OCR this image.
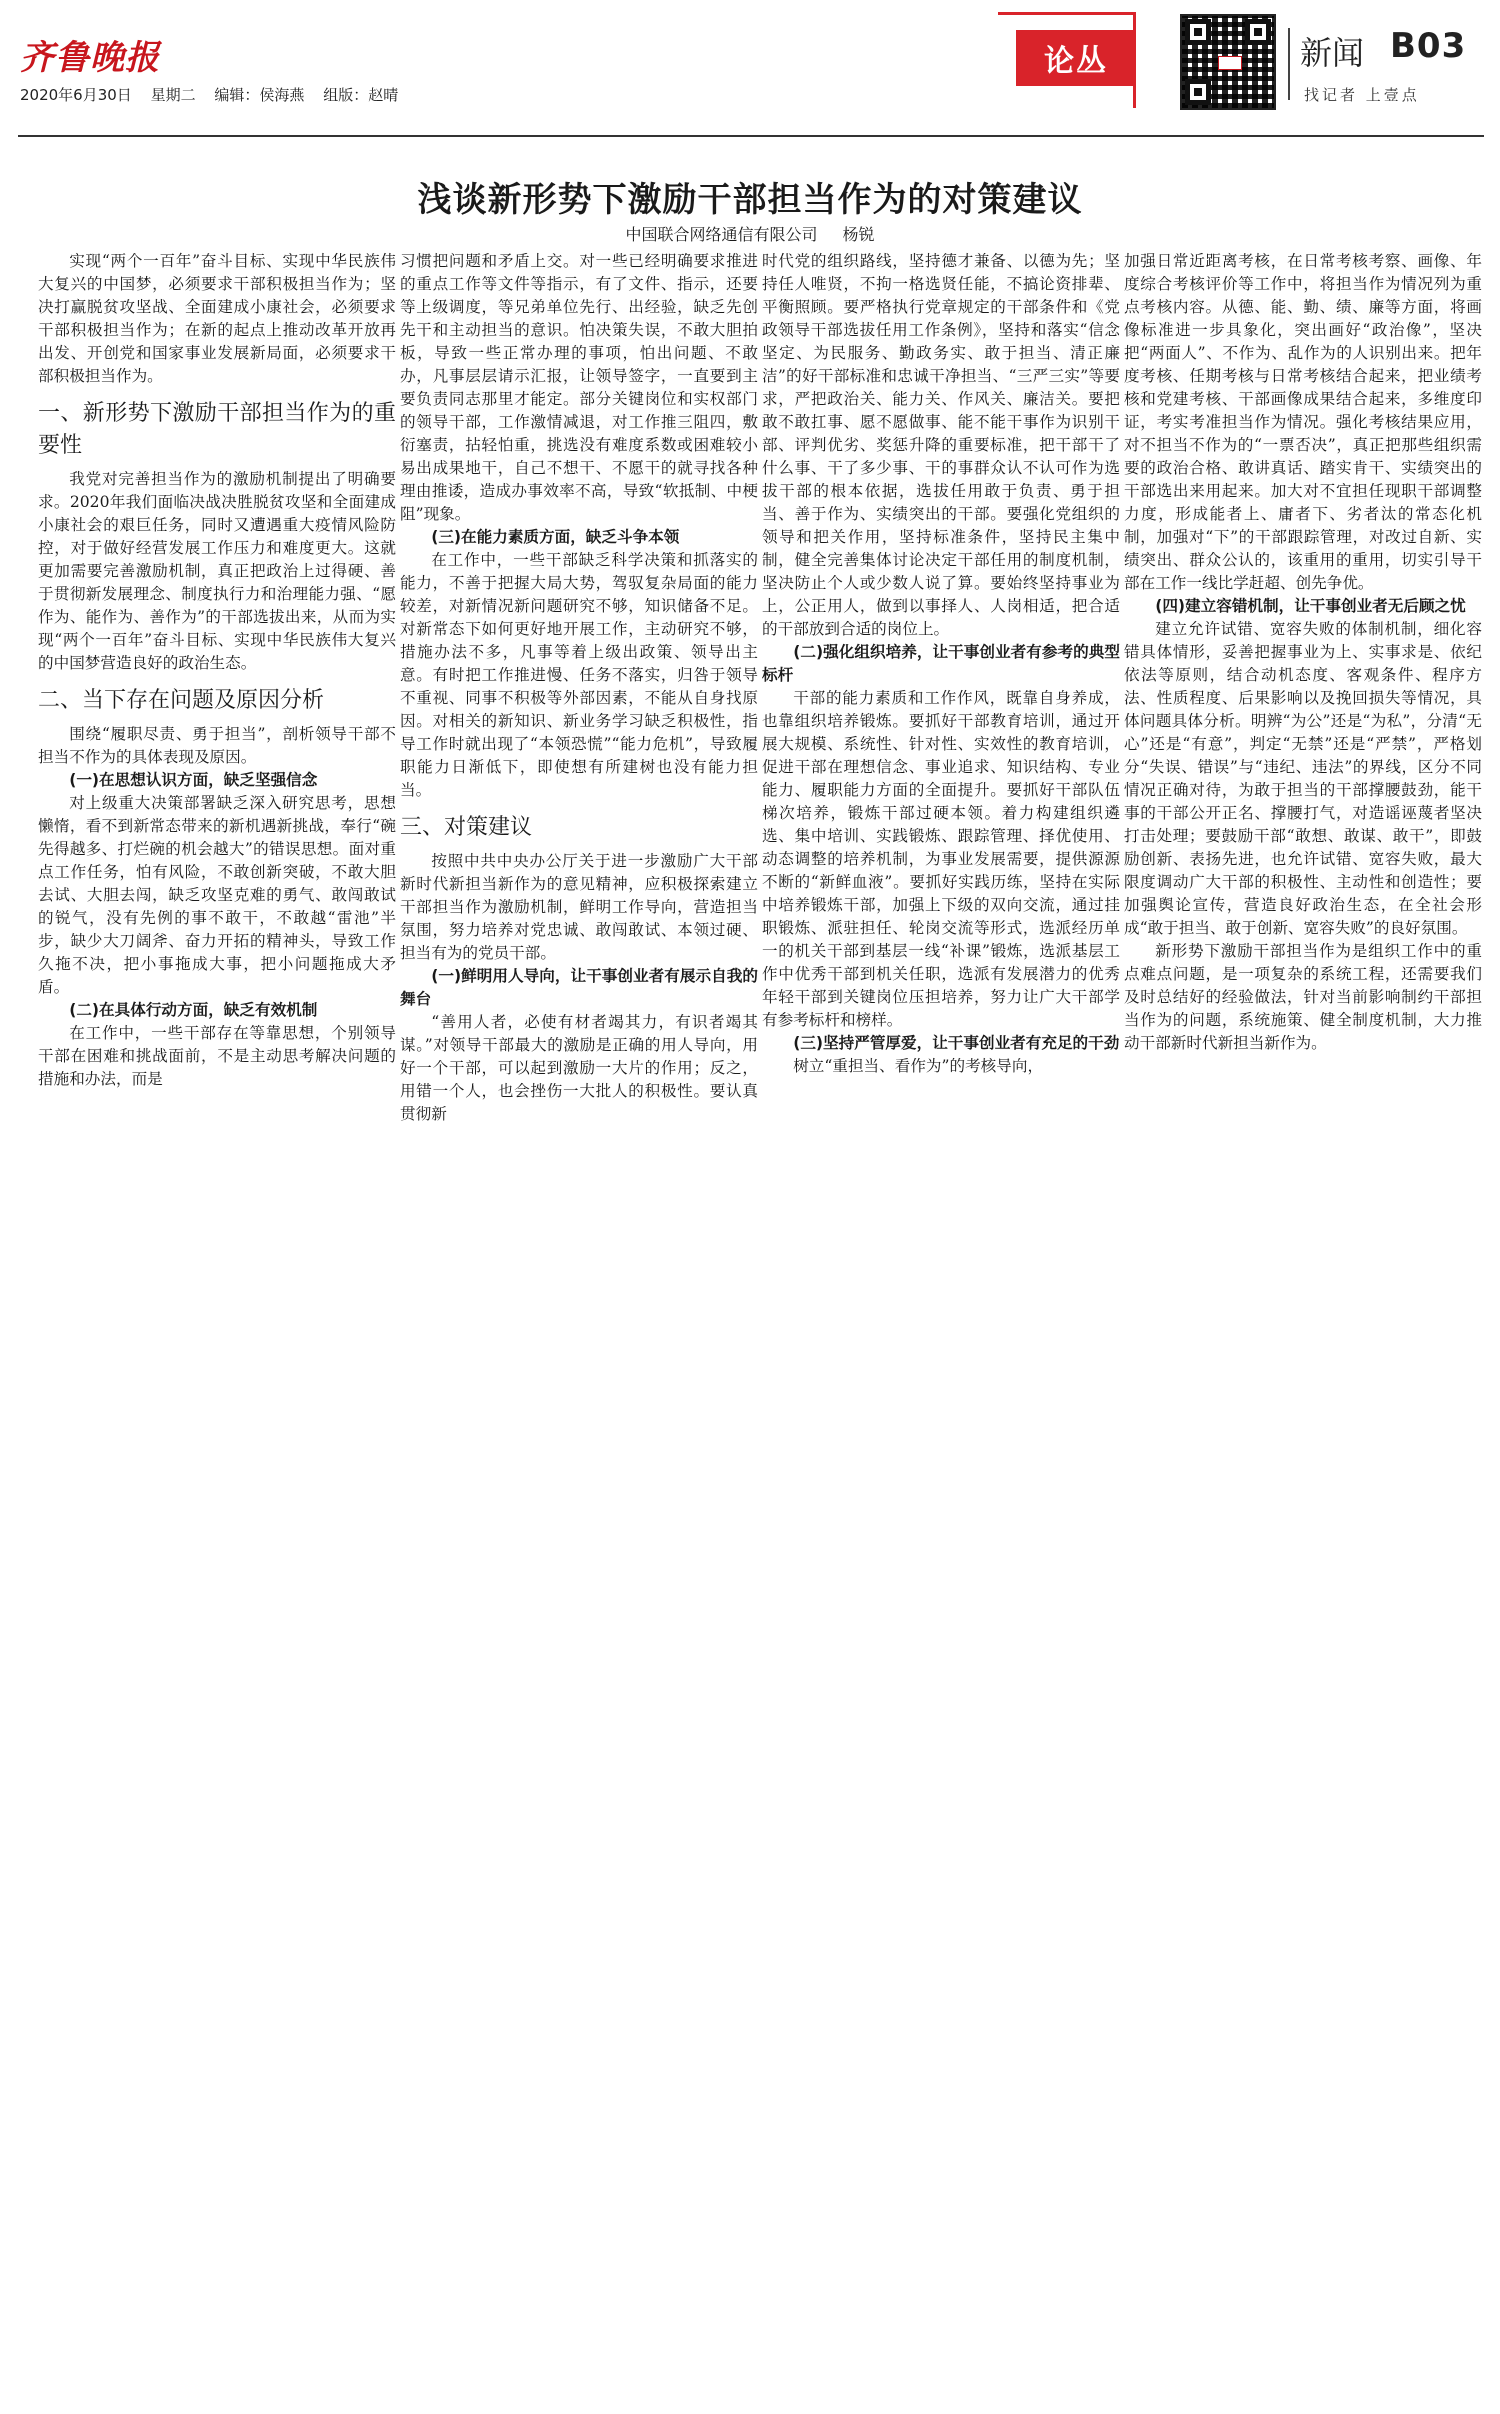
齐鲁晚报
2020年6月30日 星期二 编辑：侯海燕 组版：赵晴
论丛	新闻 B03
找记者 上壹点
浅谈新形势下激励干部担当作为的对策建议
中国联合网络通信有限公司 杨锐
实现“两个一百年”奋斗目标、实现中华民族伟大复兴的中国梦，必须要求干部积极担当作为；坚决打赢脱贫攻坚战、全面建成小康社会，必须要求干部积极担当作为；在新的起点上推动改革开放再出发、开创党和国家事业发展新局面，必须要求干部积极担当作为。
一、新形势下激励干部担当作为的重要性
我党对完善担当作为的激励机制提出了明确要求。2020年我们面临决战决胜脱贫攻坚和全面建成小康社会的艰巨任务，同时又遭遇重大疫情风险防控，对于做好经营发展工作压力和难度更大。这就更加需要完善激励机制，真正把政治上过得硬、善于贯彻新发展理念、制度执行力和治理能力强、“愿作为、能作为、善作为”的干部选拔出来，从而为实现“两个一百年”奋斗目标、实现中华民族伟大复兴的中国梦营造良好的政治生态。
二、当下存在问题及原因分析
围绕“履职尽责、勇于担当”，剖析领导干部不担当不作为的具体表现及原因。
(一)在思想认识方面，缺乏坚强信念
对上级重大决策部署缺乏深入研究思考，思想懒惰，看不到新常态带来的新机遇新挑战，奉行“碗先得越多、打烂碗的机会越大”的错误思想。面对重点工作任务，怕有风险，不敢创新突破，不敢大胆去试、大胆去闯，缺乏攻坚克难的勇气、敢闯敢试的锐气，没有先例的事不敢干，不敢越“雷池”半步，缺少大刀阔斧、奋力开拓的精神头，导致工作久拖不决，把小事拖成大事，把小问题拖成大矛盾。
(二)在具体行动方面，缺乏有效机制
在工作中，一些干部存在等靠思想，个别领导干部在困难和挑战面前，不是主动思考解决问题的措施和办法，而是
习惯把问题和矛盾上交。对一些已经明确要求推进的重点工作等文件等指示，有了文件、指示，还要等上级调度，等兄弟单位先行、出经验，缺乏先创先干和主动担当的意识。怕决策失误，不敢大胆拍板，导致一些正常办理的事项，怕出问题、不敢办，凡事层层请示汇报，让领导签字，一直要到主要负责同志那里才能定。部分关键岗位和实权部门的领导干部，工作激情减退，对工作推三阻四，敷衍塞责，拈轻怕重，挑选没有难度系数或困难较小易出成果地干，自己不想干、不愿干的就寻找各种理由推诿，造成办事效率不高，导致“软抵制、中梗阻”现象。
(三)在能力素质方面，缺乏斗争本领
在工作中，一些干部缺乏科学决策和抓落实的能力，不善于把握大局大势，驾驭复杂局面的能力较差，对新情况新问题研究不够，知识储备不足。对新常态下如何更好地开展工作，主动研究不够，措施办法不多，凡事等着上级出政策、领导出主意。有时把工作推进慢、任务不落实，归咎于领导不重视、同事不积极等外部因素，不能从自身找原因。对相关的新知识、新业务学习缺乏积极性，指导工作时就出现了“本领恐慌”“能力危机”，导致履职能力日渐低下，即使想有所建树也没有能力担当。
三、对策建议
按照中共中央办公厅关于进一步激励广大干部新时代新担当新作为的意见精神，应积极探索建立干部担当作为激励机制，鲜明工作导向，营造担当氛围，努力培养对党忠诚、敢闯敢试、本领过硬、担当有为的党员干部。
(一)鲜明用人导向，让干事创业者有展示自我的舞台
“善用人者，必使有材者竭其力，有识者竭其谋。”对领导干部最大的激励是正确的用人导向，用好一个干部，可以起到激励一大片的作用；反之，用错一个人，也会挫伤一大批人的积极性。要认真贯彻新
时代党的组织路线，坚持德才兼备、以德为先；坚持任人唯贤，不拘一格选贤任能，不搞论资排辈、平衡照顾。要严格执行党章规定的干部条件和《党政领导干部选拔任用工作条例》，坚持和落实“信念坚定、为民服务、勤政务实、敢于担当、清正廉洁”的好干部标准和忠诚干净担当、“三严三实”等要求，严把政治关、能力关、作风关、廉洁关。要把敢不敢扛事、愿不愿做事、能不能干事作为识别干部、评判优劣、奖惩升降的重要标准，把干部干了什么事、干了多少事、干的事群众认不认可作为选拔干部的根本依据，选拔任用敢于负责、勇于担当、善于作为、实绩突出的干部。要强化党组织的领导和把关作用，坚持标准条件，坚持民主集中制，健全完善集体讨论决定干部任用的制度机制，坚决防止个人或少数人说了算。要始终坚持事业为上，公正用人，做到以事择人、人岗相适，把合适的干部放到合适的岗位上。
(二)强化组织培养，让干事创业者有参考的典型标杆
干部的能力素质和工作作风，既靠自身养成，也靠组织培养锻炼。要抓好干部教育培训，通过开展大规模、系统性、针对性、实效性的教育培训，促进干部在理想信念、事业追求、知识结构、专业能力、履职能力方面的全面提升。要抓好干部队伍梯次培养，锻炼干部过硬本领。着力构建组织遴选、集中培训、实践锻炼、跟踪管理、择优使用、动态调整的培养机制，为事业发展需要，提供源源不断的“新鲜血液”。要抓好实践历练，坚持在实际中培养锻炼干部，加强上下级的双向交流，通过挂职锻炼、派驻担任、轮岗交流等形式，选派经历单一的机关干部到基层一线“补课”锻炼，选派基层工作中优秀干部到机关任职，选派有发展潜力的优秀年轻干部到关键岗位压担培养，努力让广大干部学有参考标杆和榜样。
(三)坚持严管厚爱，让干事创业者有充足的干劲
树立“重担当、看作为”的考核导向，
加强日常近距离考核，在日常考核考察、画像、年度综合考核评价等工作中，将担当作为情况列为重点考核内容。从德、能、勤、绩、廉等方面，将画像标准进一步具象化，突出画好“政治像”，坚决把“两面人”、不作为、乱作为的人识别出来。把年度考核、任期考核与日常考核结合起来，把业绩考核和党建考核、干部画像成果结合起来，多维度印证，考实考准担当作为情况。强化考核结果应用，对不担当不作为的“一票否决”，真正把那些组织需要的政治合格、敢讲真话、踏实肯干、实绩突出的干部选出来用起来。加大对不宜担任现职干部调整力度，形成能者上、庸者下、劣者汰的常态化机制，加强对“下”的干部跟踪管理，对改过自新、实绩突出、群众公认的，该重用的重用，切实引导干部在工作一线比学赶超、创先争优。
(四)建立容错机制，让干事创业者无后顾之忧
建立允许试错、宽容失败的体制机制，细化容错具体情形，妥善把握事业为上、实事求是、依纪依法等原则，结合动机态度、客观条件、程序方法、性质程度、后果影响以及挽回损失等情况，具体问题具体分析。明辨“为公”还是“为私”，分清“无心”还是“有意”，判定“无禁”还是“严禁”，严格划分“失误、错误”与“违纪、违法”的界线，区分不同情况正确对待，为敢于担当的干部撑腰鼓劲，能干事的干部公开正名、撑腰打气，对造谣诬蔑者坚决打击处理；要鼓励干部“敢想、敢谋、敢干”，即鼓励创新、表扬先进，也允许试错、宽容失败，最大限度调动广大干部的积极性、主动性和创造性；要加强舆论宣传，营造良好政治生态，在全社会形成“敢于担当、敢于创新、宽容失败”的良好氛围。
新形势下激励干部担当作为是组织工作中的重点难点问题，是一项复杂的系统工程，还需要我们及时总结好的经验做法，针对当前影响制约干部担当作为的问题，系统施策、健全制度机制，大力推动干部新时代新担当新作为。
